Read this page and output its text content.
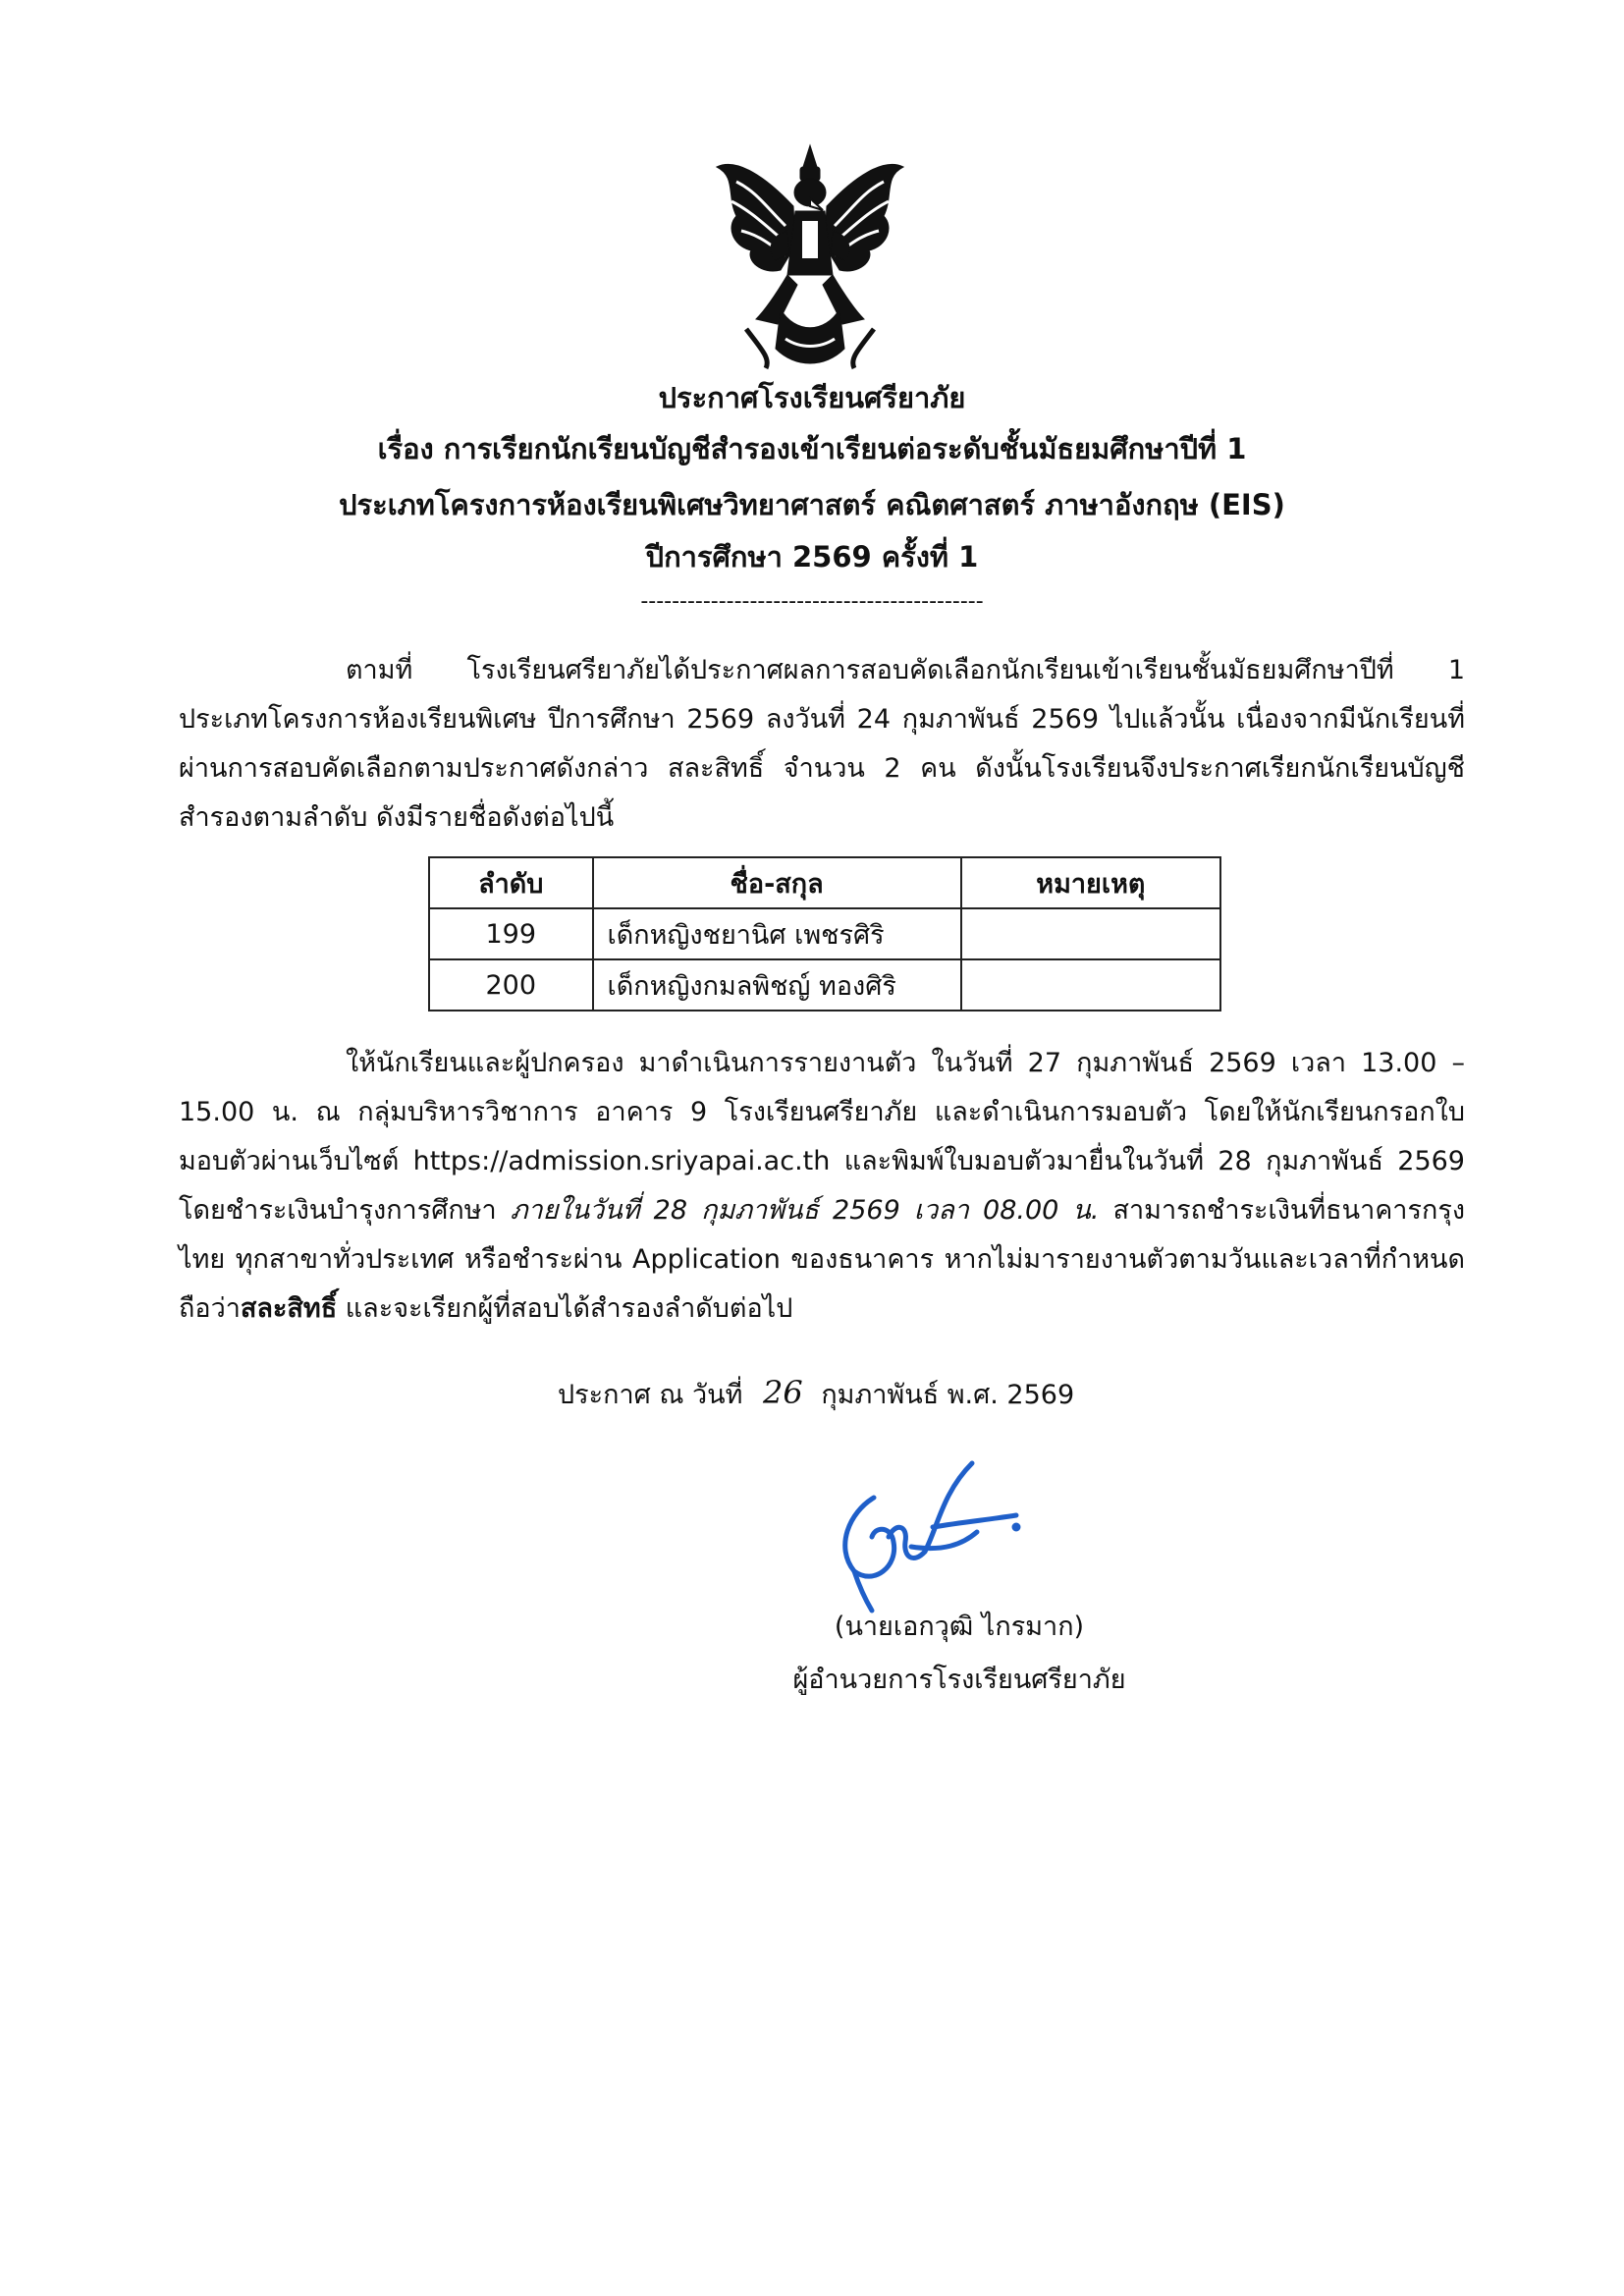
ประกาศโรงเรียนศรียาภัย
เรื่อง การเรียกนักเรียนบัญชีสำรองเข้าเรียนต่อระดับชั้นมัธยมศึกษาปีที่ 1
ประเภทโครงการห้องเรียนพิเศษวิทยาศาสตร์ คณิตศาสตร์ ภาษาอังกฤษ (EIS)
ปีการศึกษา 2569 ครั้งที่ 1
--------------------------------------------
ตามที่ โรงเรียนศรียาภัยได้ประกาศผลการสอบคัดเลือกนักเรียนเข้าเรียนชั้นมัธยมศึกษาปีที่ 1 ประเภทโครงการห้องเรียนพิเศษ ปีการศึกษา 2569 ลงวันที่ 24 กุมภาพันธ์ 2569 ไปแล้วนั้น เนื่องจากมีนักเรียนที่ผ่านการสอบคัดเลือกตามประกาศดังกล่าว สละสิทธิ์ จำนวน 2 คน ดังนั้นโรงเรียนจึงประกาศเรียกนักเรียนบัญชีสำรองตามลำดับ ดังมีรายชื่อดังต่อไปนี้
ลำดับ	ชื่อ-สกุล	หมายเหตุ
199	เด็กหญิงชยานิศ เพชรศิริ	
200	เด็กหญิงกมลพิชญ์ ทองศิริ	
ให้นักเรียนและผู้ปกครอง มาดำเนินการรายงานตัว ในวันที่ 27 กุมภาพันธ์ 2569 เวลา 13.00 – 15.00 น. ณ กลุ่มบริหารวิชาการ อาคาร 9 โรงเรียนศรียาภัย และดำเนินการมอบตัว โดยให้นักเรียนกรอกใบมอบตัวผ่านเว็บไซต์ https://admission.sriyapai.ac.th และพิมพ์ใบมอบตัวมายื่นในวันที่ 28 กุมภาพันธ์ 2569 โดยชำระเงินบำรุงการศึกษา ภายในวันที่ 28 กุมภาพันธ์ 2569 เวลา 08.00 น. สามารถชำระเงินที่ธนาคารกรุงไทย ทุกสาขาทั่วประเทศ หรือชำระผ่าน Application ของธนาคาร หากไม่มารายงานตัวตามวันและเวลาที่กำหนดถือว่าสละสิทธิ์ และจะเรียกผู้ที่สอบได้สำรองลำดับต่อไป
ประกาศ ณ วันที่ 26 กุมภาพันธ์ พ.ศ. 2569
(นายเอกวุฒิ ไกรมาก)
ผู้อำนวยการโรงเรียนศรียาภัย
